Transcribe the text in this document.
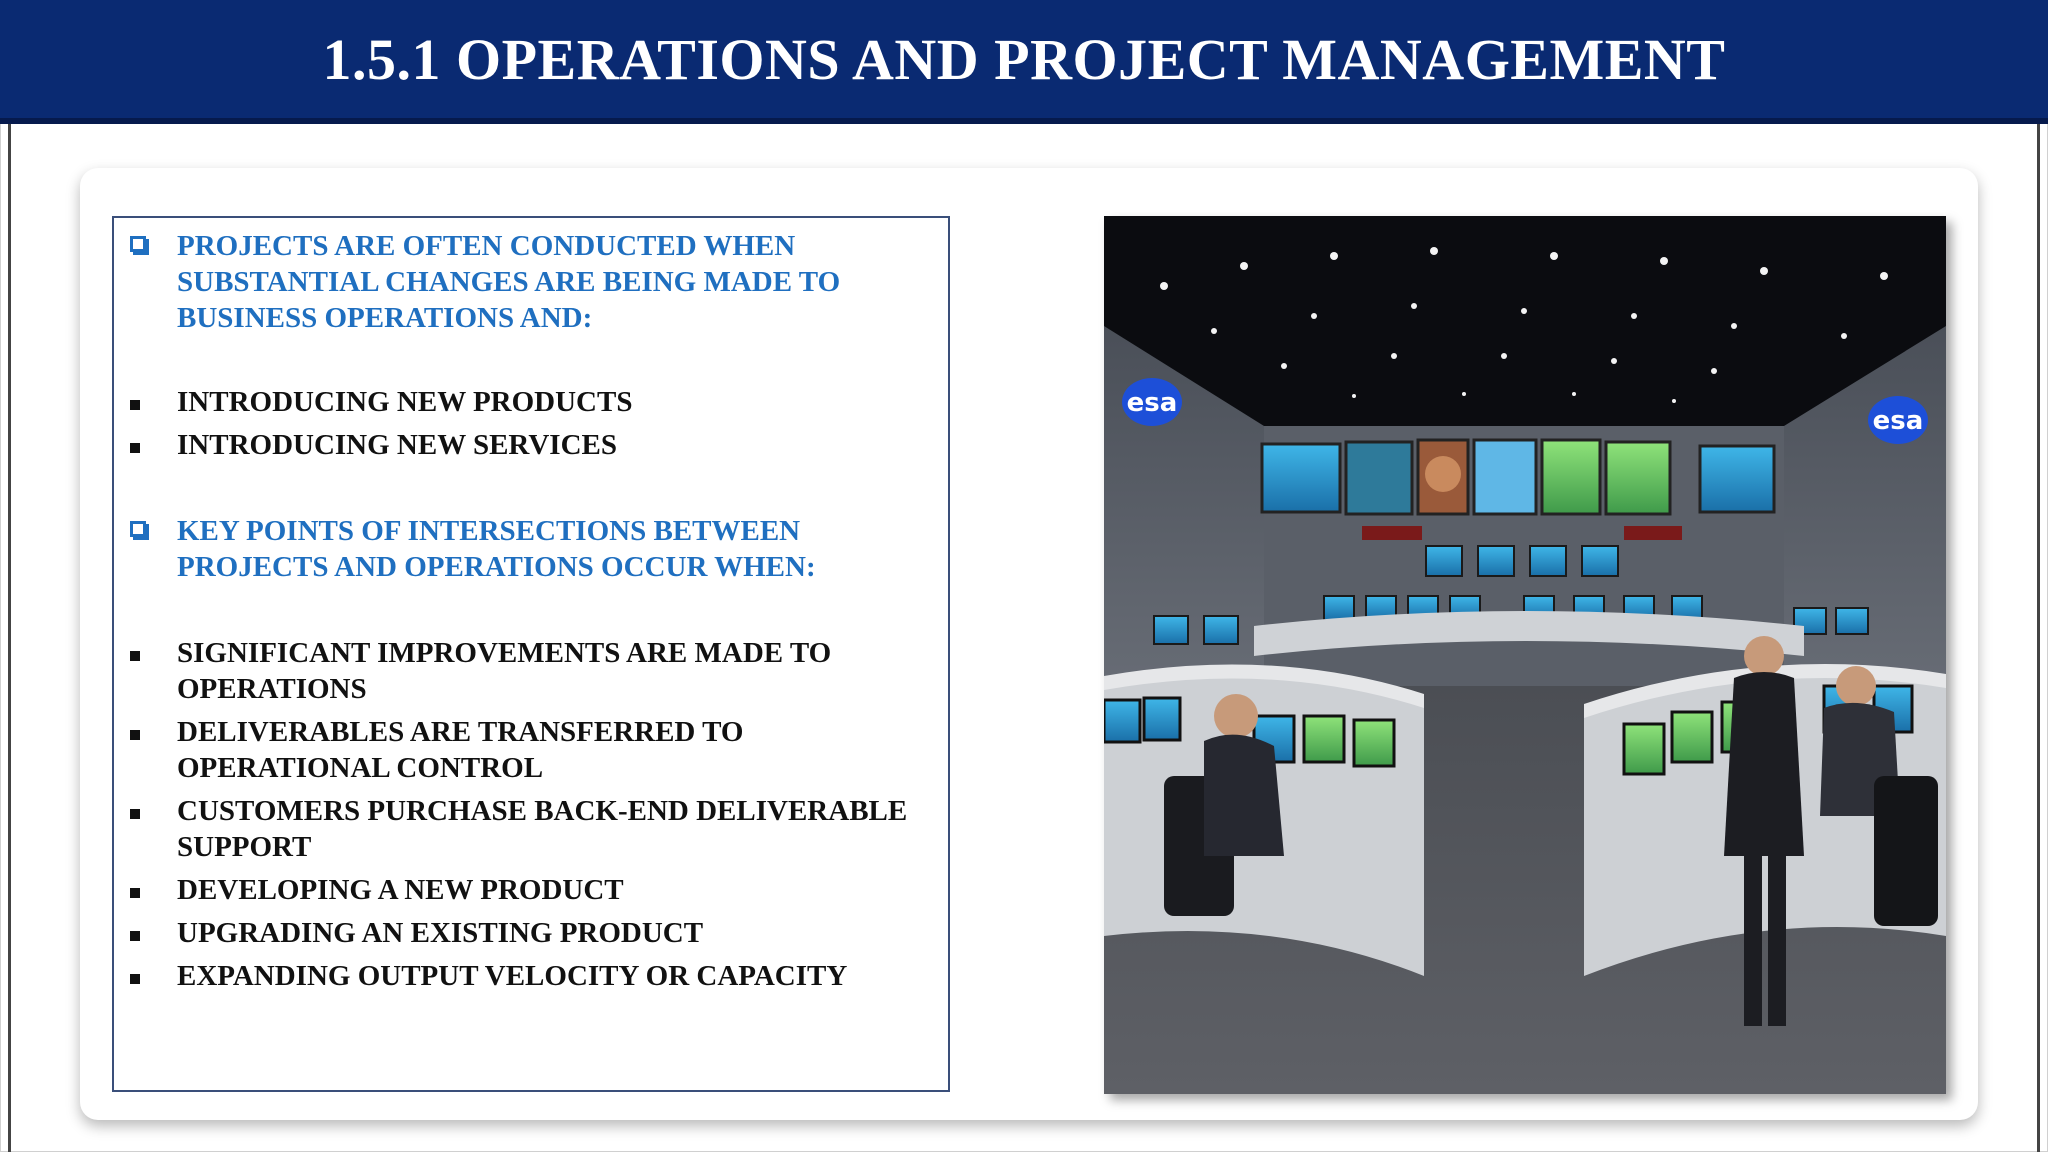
1.5.1 OPERATIONS AND PROJECT MANAGEMENT
PROJECTS ARE OFTEN CONDUCTED WHEN SUBSTANTIAL CHANGES ARE BEING MADE TO BUSINESS OPERATIONS AND:
INTRODUCING NEW PRODUCTS
INTRODUCING NEW SERVICES
KEY POINTS OF INTERSECTIONS BETWEEN PROJECTS AND OPERATIONS OCCUR WHEN:
SIGNIFICANT IMPROVEMENTS ARE MADE TO OPERATIONS
DELIVERABLES ARE TRANSFERRED TO OPERATIONAL CONTROL
CUSTOMERS PURCHASE BACK-END DELIVERABLE SUPPORT
DEVELOPING A NEW PRODUCT
UPGRADING AN EXISTING PRODUCT
EXPANDING OUTPUT VELOCITY OR CAPACITY
esa
esa
